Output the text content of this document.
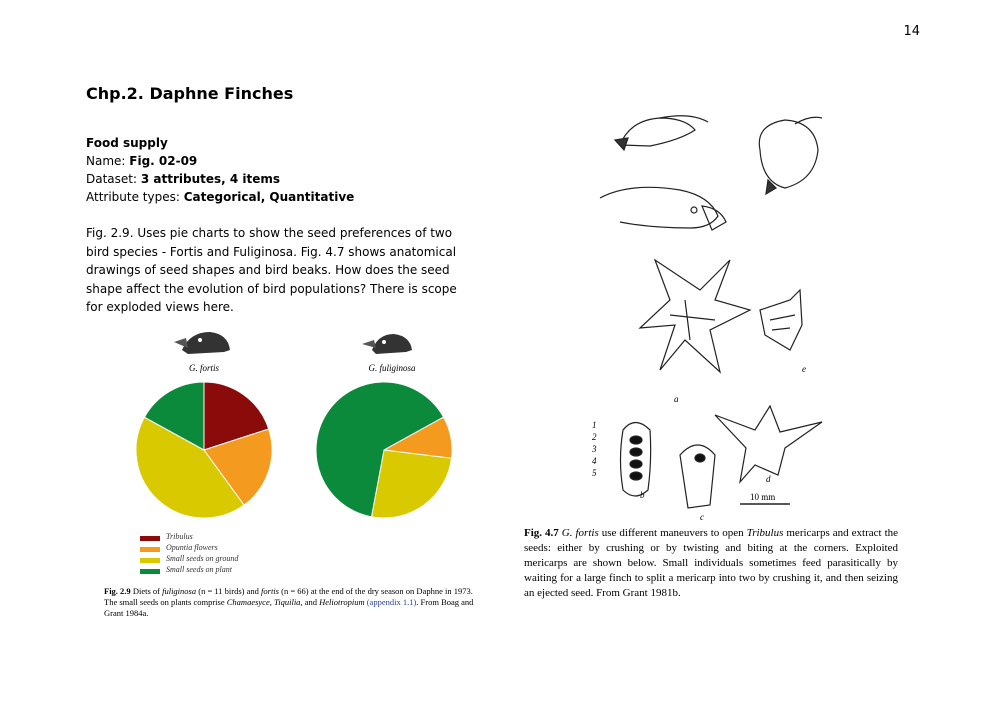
14
Chp.2. Daphne Finches
Food supply
Name: Fig. 02-09
Dataset: 3 attributes, 4 items
Attribute types: Categorical, Quantitative
Fig. 2.9. Uses pie charts to show the seed preferences of two bird species - Fortis and Fuliginosa. Fig. 4.7 shows anatomical drawings of seed shapes and bird beaks. How does the seed shape affect the evolution of bird populations? There is scope for exploded views here.
G. fortis	G. fuliginosa
Tribulus
Opuntia flowers
Small seeds on ground
Small seeds on plant
Fig. 2.9 Diets of fuliginosa (n = 11 birds) and fortis (n = 66) at the end of the dry season on Daphne in 1973. The small seeds on plants comprise Chamaesyce, Tiquilia, and Heliotropium (appendix 1.1). From Boag and Grant 1984a.
a
b
c
d
e
1
2
3
4
5
10 mm
Fig. 4.7 G. fortis use different maneuvers to open Tribulus mericarps and extract the seeds: either by crushing or by twisting and biting at the corners. Exploited mericarps are shown below. Small individuals sometimes feed parasitically by waiting for a large finch to split a mericarp into two by crushing it, and then seizing an ejected seed. From Grant 1981b.
